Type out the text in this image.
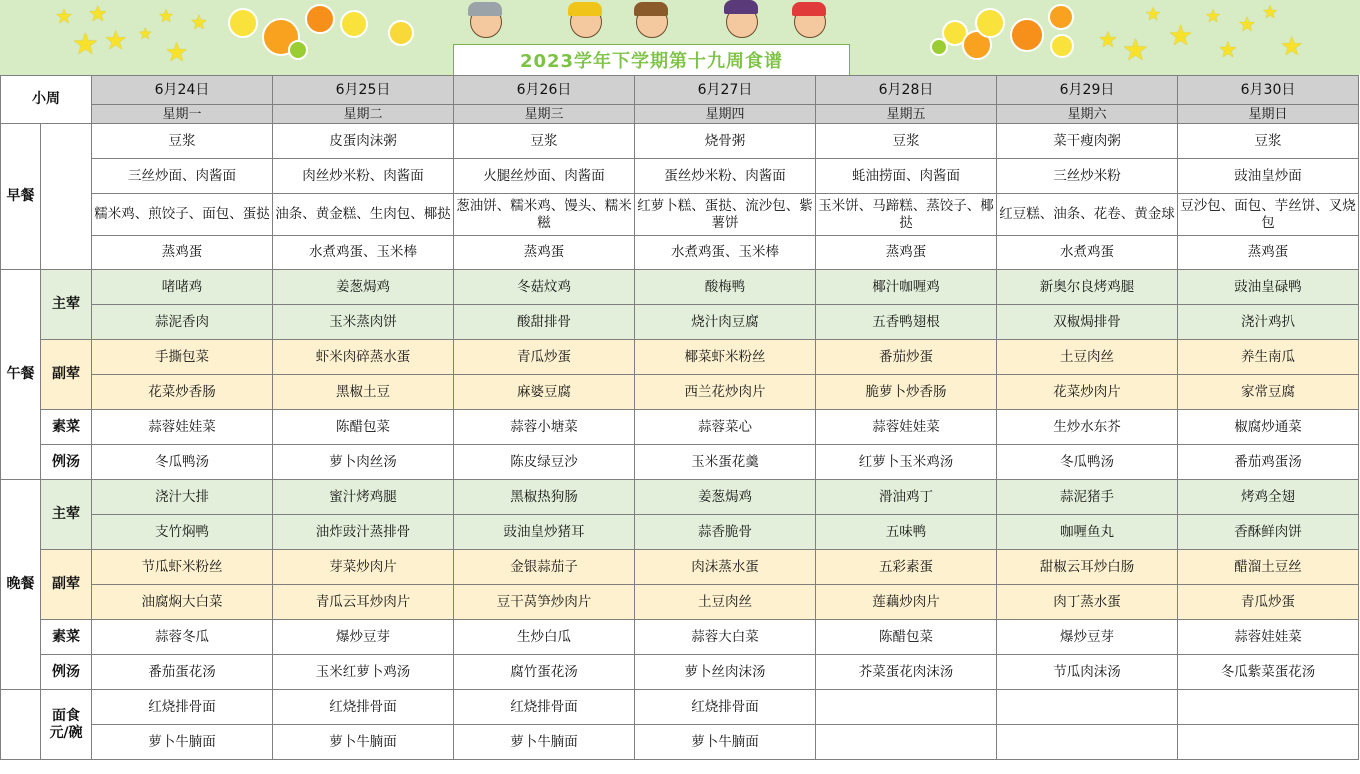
★ ★
★ ★
★ ★
★
★	★ ★
★
★
★ ★
★
★
★
2023学年下学期第十九周食谱
小周		6月24日	6月25日	6月26日	6月27日	6月28日	6月29日	6月30日
		星期一	星期二	星期三	星期四	星期五	星期六	星期日
早餐		豆浆	皮蛋肉沫粥	豆浆	烧骨粥	豆浆	菜干瘦肉粥	豆浆
		三丝炒面、肉酱面	肉丝炒米粉、肉酱面	火腿丝炒面、肉酱面	蛋丝炒米粉、肉酱面	蚝油捞面、肉酱面	三丝炒米粉	豉油皇炒面
		糯米鸡、煎饺子、面包、蛋挞	油条、黄金糕、生肉包、椰挞	葱油饼、糯米鸡、馒头、糯米糍	红萝卜糕、蛋挞、流沙包、紫薯饼	玉米饼、马蹄糕、蒸饺子、椰挞	红豆糕、油条、花卷、黄金球	豆沙包、面包、芋丝饼、叉烧包
		蒸鸡蛋	水煮鸡蛋、玉米棒	蒸鸡蛋	水煮鸡蛋、玉米棒	蒸鸡蛋	水煮鸡蛋	蒸鸡蛋
午餐	主荤	啫啫鸡	姜葱焗鸡	冬菇炆鸡	酸梅鸭	椰汁咖喱鸡	新奥尔良烤鸡腿	豉油皇碌鸭
		蒜泥香肉	玉米蒸肉饼	酸甜排骨	烧汁肉豆腐	五香鸭翅根	双椒焗排骨	浇汁鸡扒
	副荤	手撕包菜	虾米肉碎蒸水蛋	青瓜炒蛋	椰菜虾米粉丝	番茄炒蛋	土豆肉丝	养生南瓜
		花菜炒香肠	黑椒土豆	麻婆豆腐	西兰花炒肉片	脆萝卜炒香肠	花菜炒肉片	家常豆腐
	素菜	蒜蓉娃娃菜	陈醋包菜	蒜蓉小塘菜	蒜蓉菜心	蒜蓉娃娃菜	生炒水东芥	椒腐炒通菜
	例汤	冬瓜鸭汤	萝卜肉丝汤	陈皮绿豆沙	玉米蛋花羹	红萝卜玉米鸡汤	冬瓜鸭汤	番茄鸡蛋汤
晚餐	主荤	浇汁大排	蜜汁烤鸡腿	黑椒热狗肠	姜葱焗鸡	滑油鸡丁	蒜泥猪手	烤鸡全翅
		支竹焖鸭	油炸豉汁蒸排骨	豉油皇炒猪耳	蒜香脆骨	五味鸭	咖喱鱼丸	香酥鲜肉饼
	副荤	节瓜虾米粉丝	芽菜炒肉片	金银蒜茄子	肉沫蒸水蛋	五彩素蛋	甜椒云耳炒白肠	醋溜土豆丝
		油腐焖大白菜	青瓜云耳炒肉片	豆干莴笋炒肉片	土豆肉丝	莲藕炒肉片	肉丁蒸水蛋	青瓜炒蛋
	素菜	蒜蓉冬瓜	爆炒豆芽	生炒白瓜	蒜蓉大白菜	陈醋包菜	爆炒豆芽	蒜蓉娃娃菜
	例汤	番茄蛋花汤	玉米红萝卜鸡汤	腐竹蛋花汤	萝卜丝肉沫汤	芥菜蛋花肉沫汤	节瓜肉沫汤	冬瓜紫菜蛋花汤
	面食元/碗	红烧排骨面	红烧排骨面	红烧排骨面	红烧排骨面			
		萝卜牛腩面	萝卜牛腩面	萝卜牛腩面	萝卜牛腩面			
